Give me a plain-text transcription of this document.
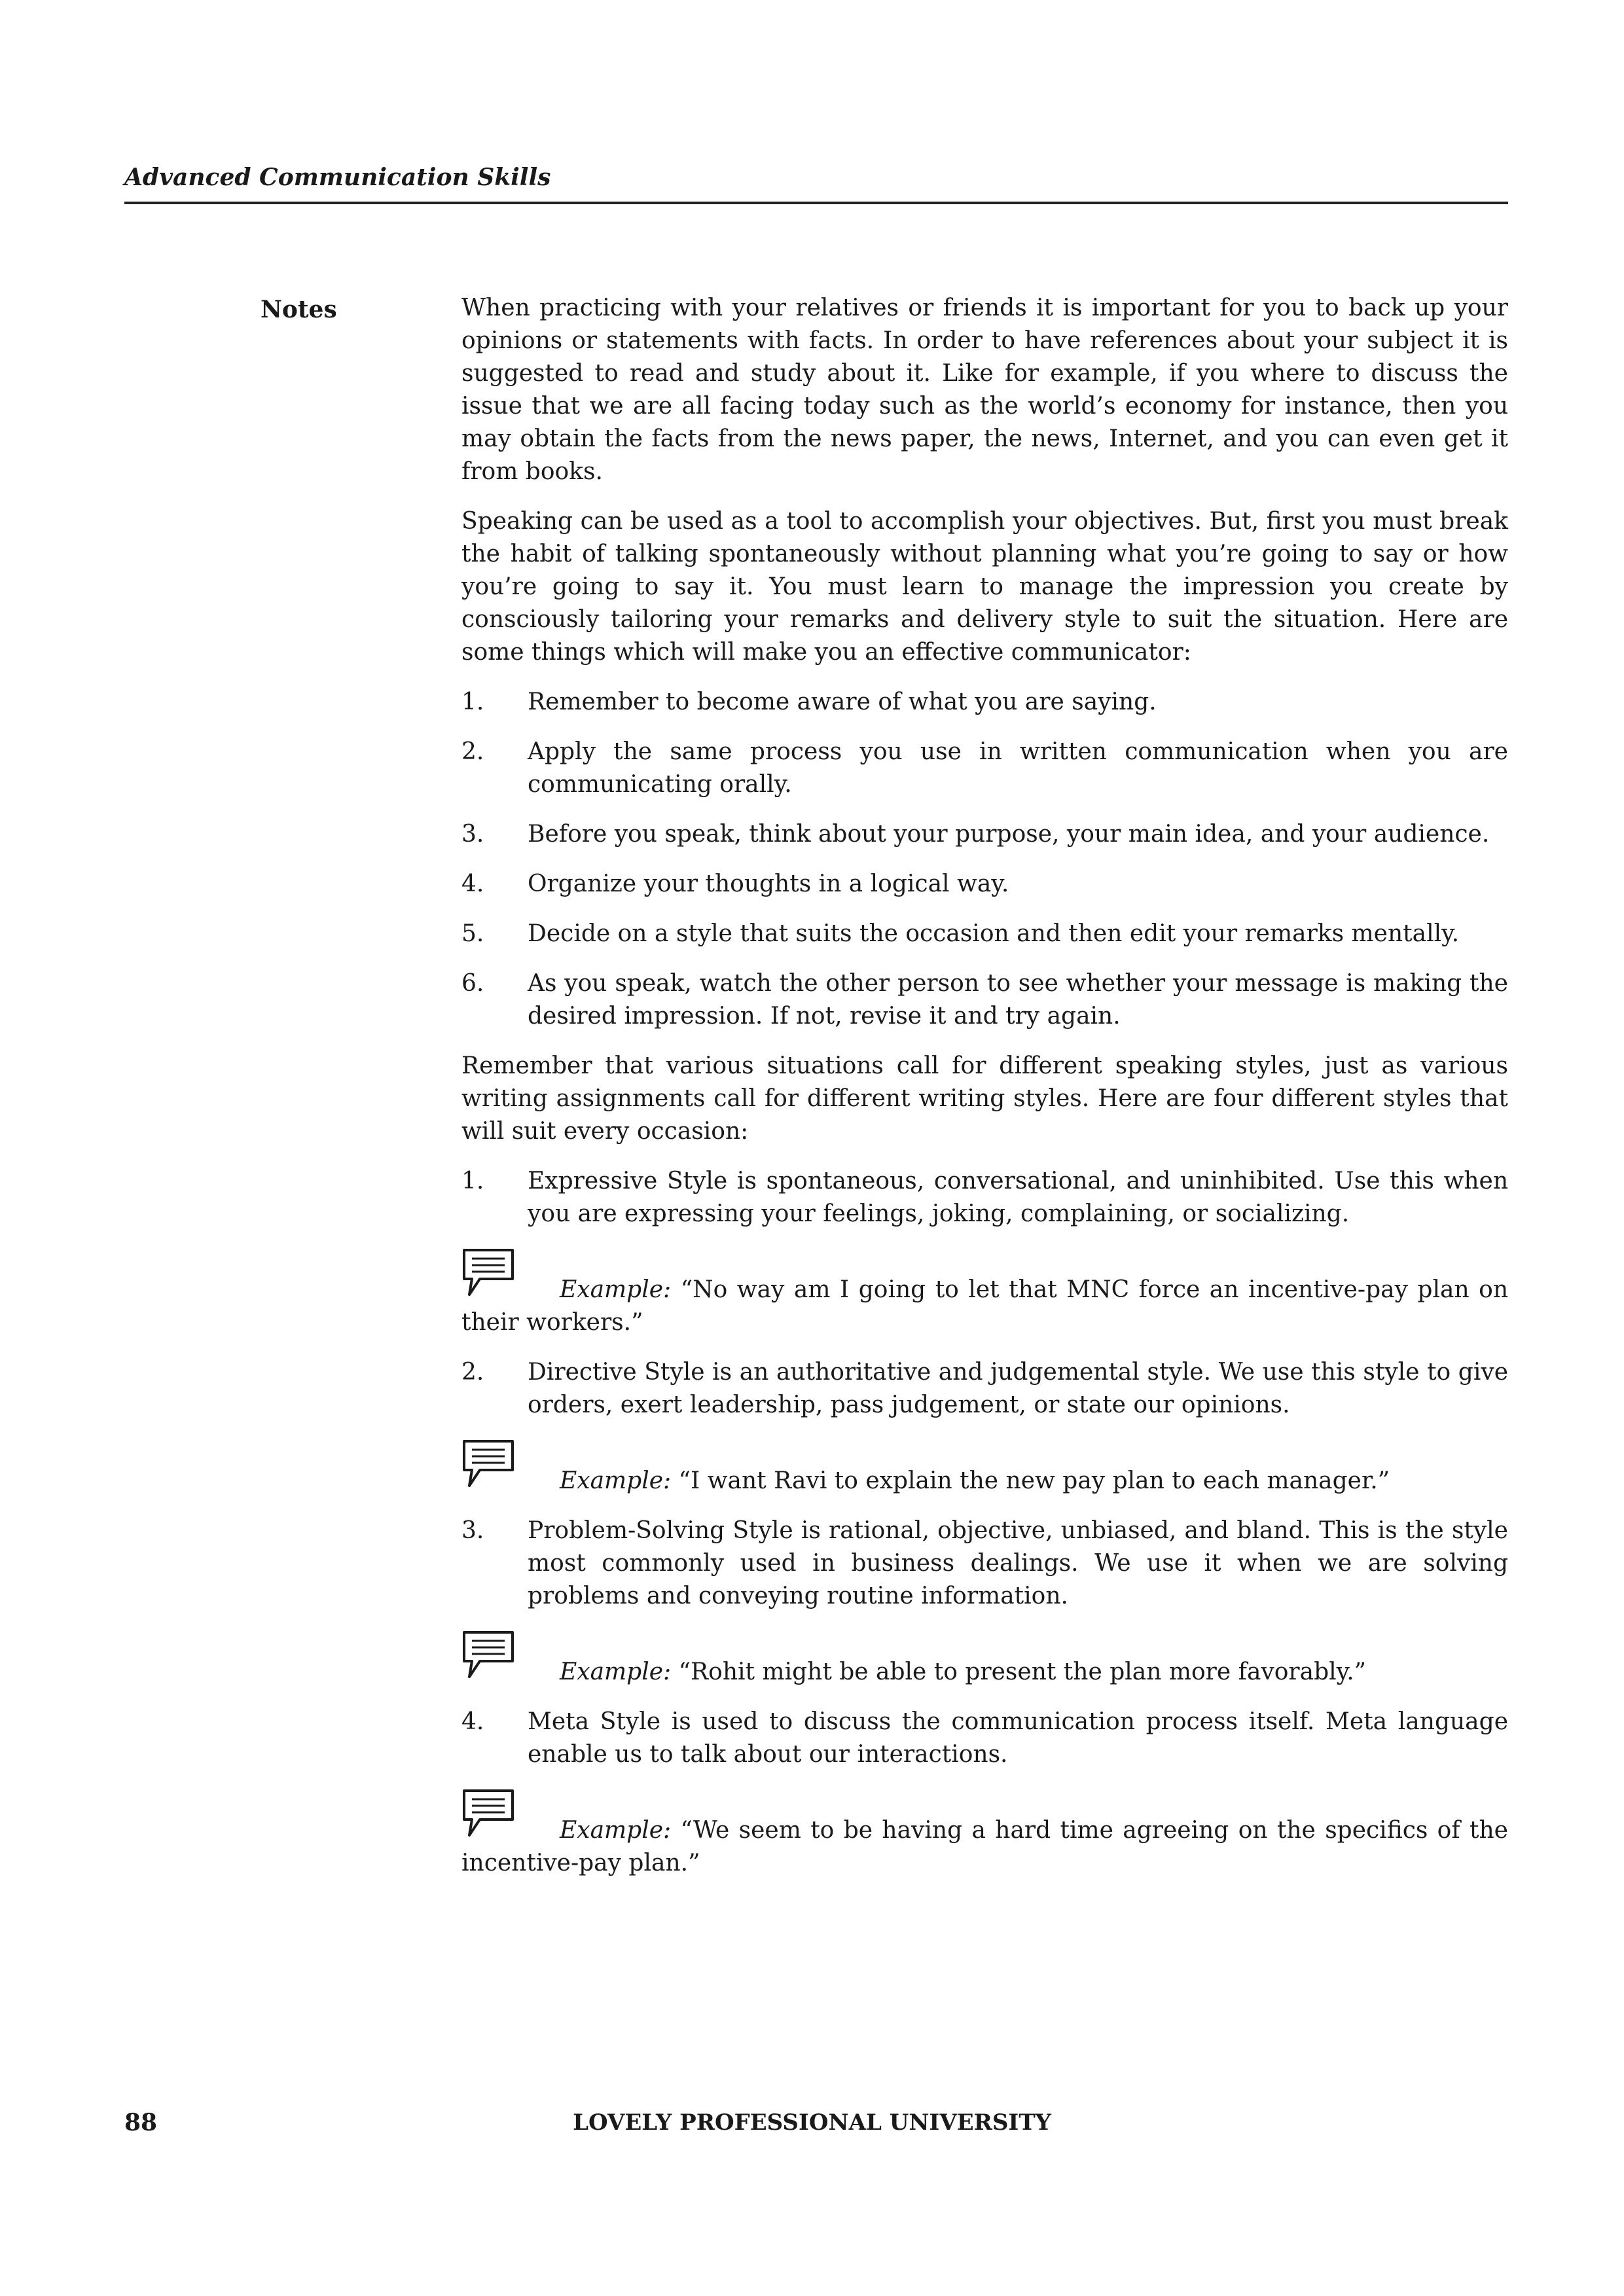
Advanced Communication Skills
Notes	When practicing with your relatives or friends it is important for you to back up your opinions or statements with facts. In order to have references about your subject it is suggested to read and study about it. Like for example, if you where to discuss the issue that we are all facing today such as the world’s economy for instance, then you may obtain the facts from the news paper, the news, Internet, and you can even get it from books.

Speaking can be used as a tool to accomplish your objectives. But, first you must break the habit of talking spontaneously without planning what you’re going to say or how you’re going to say it. You must learn to manage the impression you create by consciously tailoring your remarks and delivery style to suit the situation. Here are some things which will make you an effective communicator:

1.	Remember to become aware of what you are saying.
2.	Apply the same process you use in written communication when you are communicating orally.
3.	Before you speak, think about your purpose, your main idea, and your audience.
4.	Organize your thoughts in a logical way.
5.	Decide on a style that suits the occasion and then edit your remarks mentally.
6.	As you speak, watch the other person to see whether your message is making the desired impression. If not, revise it and try again.

Remember that various situations call for different speaking styles, just as various writing assignments call for different writing styles. Here are four different styles that will suit every occasion:

1.	Expressive Style is spontaneous, conversational, and uninhibited. Use this when you are expressing your feelings, joking, complaining, or socializing.
Example: “No way am I going to let that MNC force an incentive-pay plan on their workers.”
2.	Directive Style is an authoritative and judgemental style. We use this style to give orders, exert leadership, pass judgement, or state our opinions.
Example: “I want Ravi to explain the new pay plan to each manager.”
3.	Problem-Solving Style is rational, objective, unbiased, and bland. This is the style most commonly used in business dealings. We use it when we are solving problems and conveying routine information.
Example: “Rohit might be able to present the plan more favorably.”
4.	Meta Style is used to discuss the communication process itself. Meta language enable us to talk about our interactions.
Example: “We seem to be having a hard time agreeing on the specifics of the incentive-pay plan.”
88	LOVELY PROFESSIONAL UNIVERSITY
